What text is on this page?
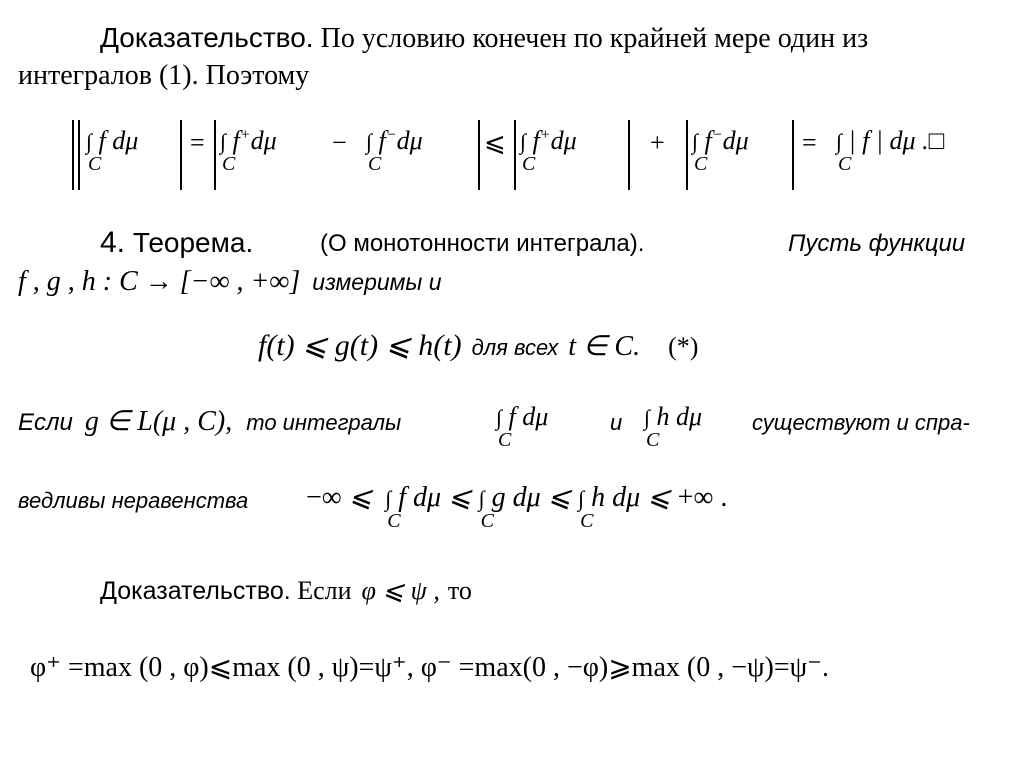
Доказательство. По условию конечен по крайней мере один из
интегралов (1). Поэтому
∫
C
f dμ = ∫
C
f+dμ − ∫
C
f−dμ ⩽ ∫
C
f+dμ	+ ∫
C
f−dμ = ∫
C
| f | dμ .□
4. Теорема.	(О монотонности интеграла).	Пусть функции
f , g , h : C → [−∞ , +∞] измеримы и
f(t) ⩽ g(t) ⩽ h(t) для всех t ∈ C. (*)
Если g ∈ L(μ , C), то интегралы	∫
C
f dμ	и ∫
C
h dμ существуют и спра-
ведливы неравенства −∞ ⩽ ∫
C
f dμ ⩽ ∫
C
g dμ ⩽ ∫
C
h dμ ⩽ +∞ .
Доказательство. Если φ ⩽ ψ , то
φ⁺ =max (0 , φ)⩽max (0 , ψ)=ψ⁺, φ⁻ =max(0 , −φ)⩾max (0 , −ψ)=ψ⁻.
